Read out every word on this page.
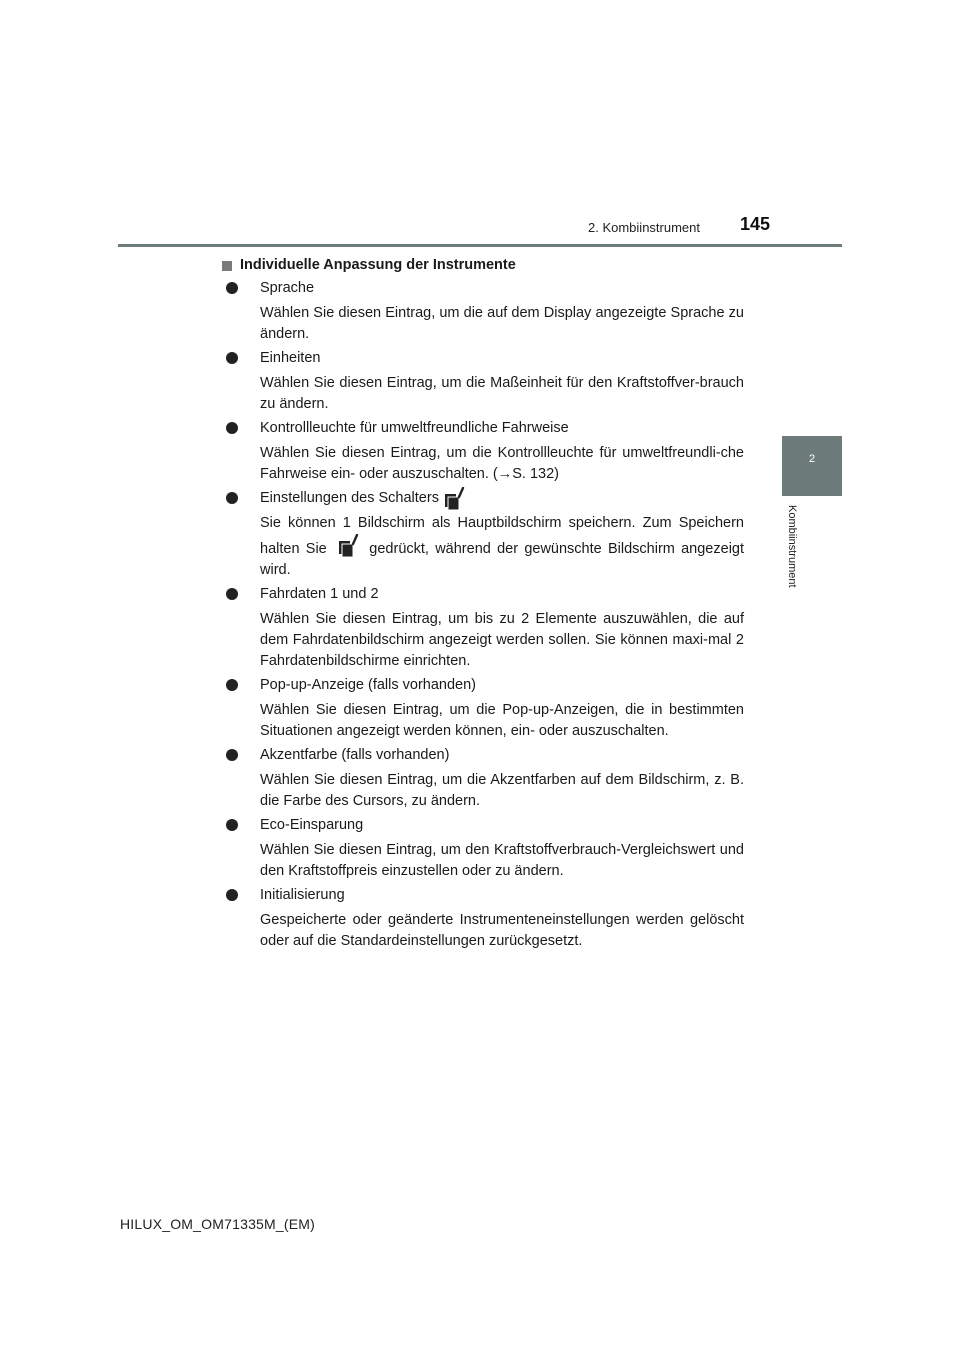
2. Kombiinstrument 145
2
Kombiinstrument
Individuelle Anpassung der Instrumente
Sprache
Wählen Sie diesen Eintrag, um die auf dem Display angezeigte Sprache zu ändern.
Einheiten
Wählen Sie diesen Eintrag, um die Maßeinheit für den Kraftstoffver-brauch zu ändern.
Kontrollleuchte für umweltfreundliche Fahrweise
Wählen Sie diesen Eintrag, um die Kontrollleuchte für umweltfreundli-che Fahrweise ein- oder auszuschalten. (→S. 132)
Einstellungen des Schalters
Sie können 1 Bildschirm als Hauptbildschirm speichern. Zum Speichern halten Sie	gedrückt, während der gewünschte Bildschirm angezeigt wird.
Fahrdaten 1 und 2
Wählen Sie diesen Eintrag, um bis zu 2 Elemente auszuwählen, die auf dem Fahrdatenbildschirm angezeigt werden sollen. Sie können maxi-mal 2 Fahrdatenbildschirme einrichten.
Pop-up-Anzeige (falls vorhanden)
Wählen Sie diesen Eintrag, um die Pop-up-Anzeigen, die in bestimmten Situationen angezeigt werden können, ein- oder auszuschalten.
Akzentfarbe (falls vorhanden)
Wählen Sie diesen Eintrag, um die Akzentfarben auf dem Bildschirm, z. B. die Farbe des Cursors, zu ändern.
Eco-Einsparung
Wählen Sie diesen Eintrag, um den Kraftstoffverbrauch-Vergleichswert und den Kraftstoffpreis einzustellen oder zu ändern.
Initialisierung
Gespeicherte oder geänderte Instrumenteneinstellungen werden gelöscht oder auf die Standardeinstellungen zurückgesetzt.
HILUX_OM_OM71335M_(EM)
